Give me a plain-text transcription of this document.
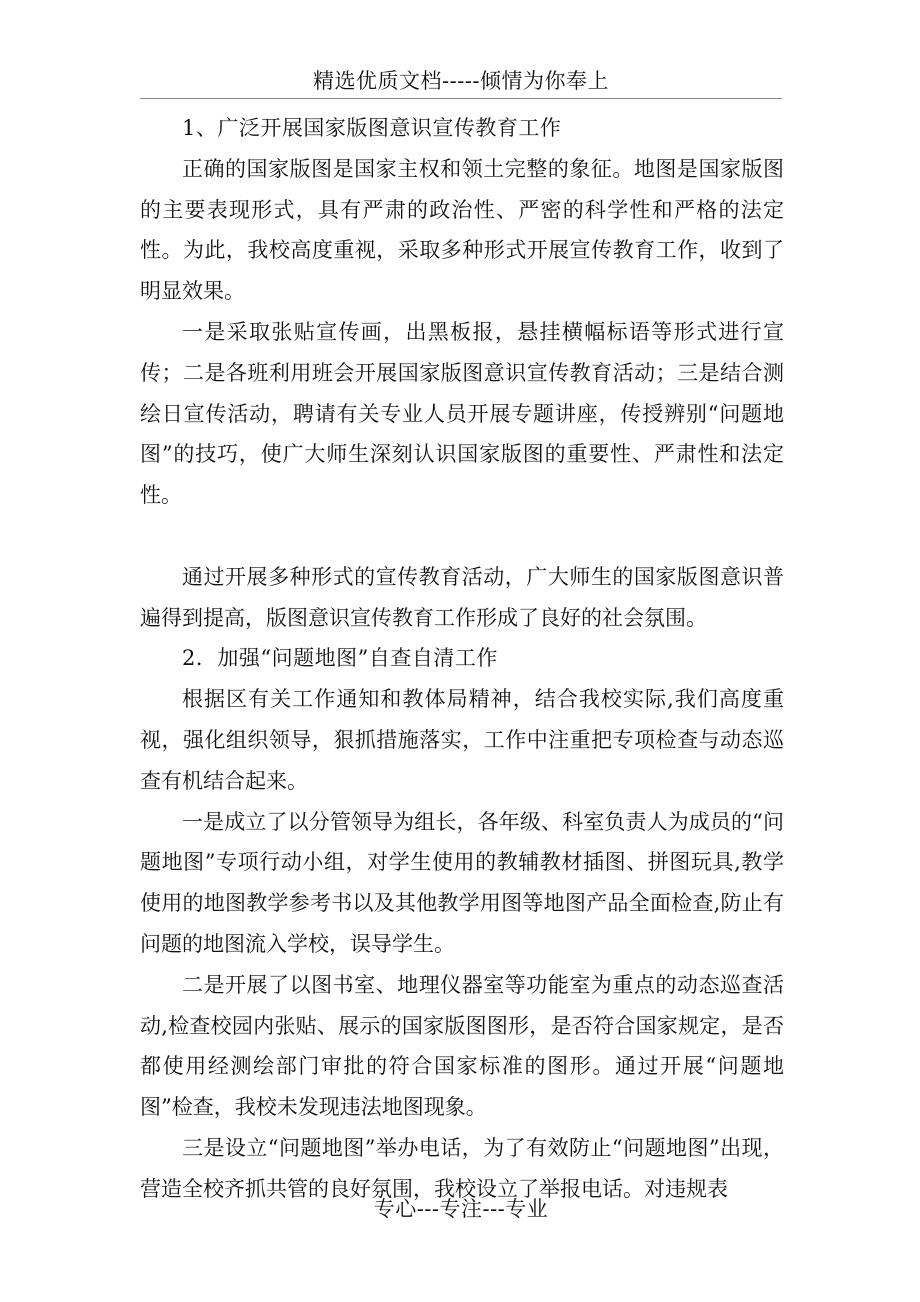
精选优质文档-----倾情为你奉上

1、广泛开展国家版图意识宣传教育工作

正确的国家版图是国家主权和领土完整的象征。地图是国家版图的主要表现形式，具有严肃的政治性、严密的科学性和严格的法定性。为此，我校高度重视，采取多种形式开展宣传教育工作，收到了明显效果。

一是采取张贴宣传画，出黑板报，悬挂横幅标语等形式进行宣传；二是各班利用班会开展国家版图意识宣传教育活动；三是结合测绘日宣传活动，聘请有关专业人员开展专题讲座，传授辨别“问题地图”的技巧，使广大师生深刻认识国家版图的重要性、严肃性和法定性。

通过开展多种形式的宣传教育活动，广大师生的国家版图意识普遍得到提高，版图意识宣传教育工作形成了良好的社会氛围。

2．加强“问题地图”自查自清工作

根据区有关工作通知和教体局精神，结合我校实际,我们高度重视，强化组织领导，狠抓措施落实，工作中注重把专项检查与动态巡查有机结合起来。

一是成立了以分管领导为组长，各年级、科室负责人为成员的“问题地图”专项行动小组，对学生使用的教辅教材插图、拼图玩具,教学使用的地图教学参考书以及其他教学用图等地图产品全面检查,防止有问题的地图流入学校，误导学生。

二是开展了以图书室、地理仪器室等功能室为重点的动态巡查活动,检查校园内张贴、展示的国家版图图形，是否符合国家规定，是否都使用经测绘部门审批的符合国家标准的图形。通过开展“问题地图”检查，我校未发现违法地图现象。

三是设立“问题地图”举办电话，为了有效防止“问题地图”出现，营造全校齐抓共管的良好氛围，我校设立了举报电话。对违规表

专心---专注---专业
